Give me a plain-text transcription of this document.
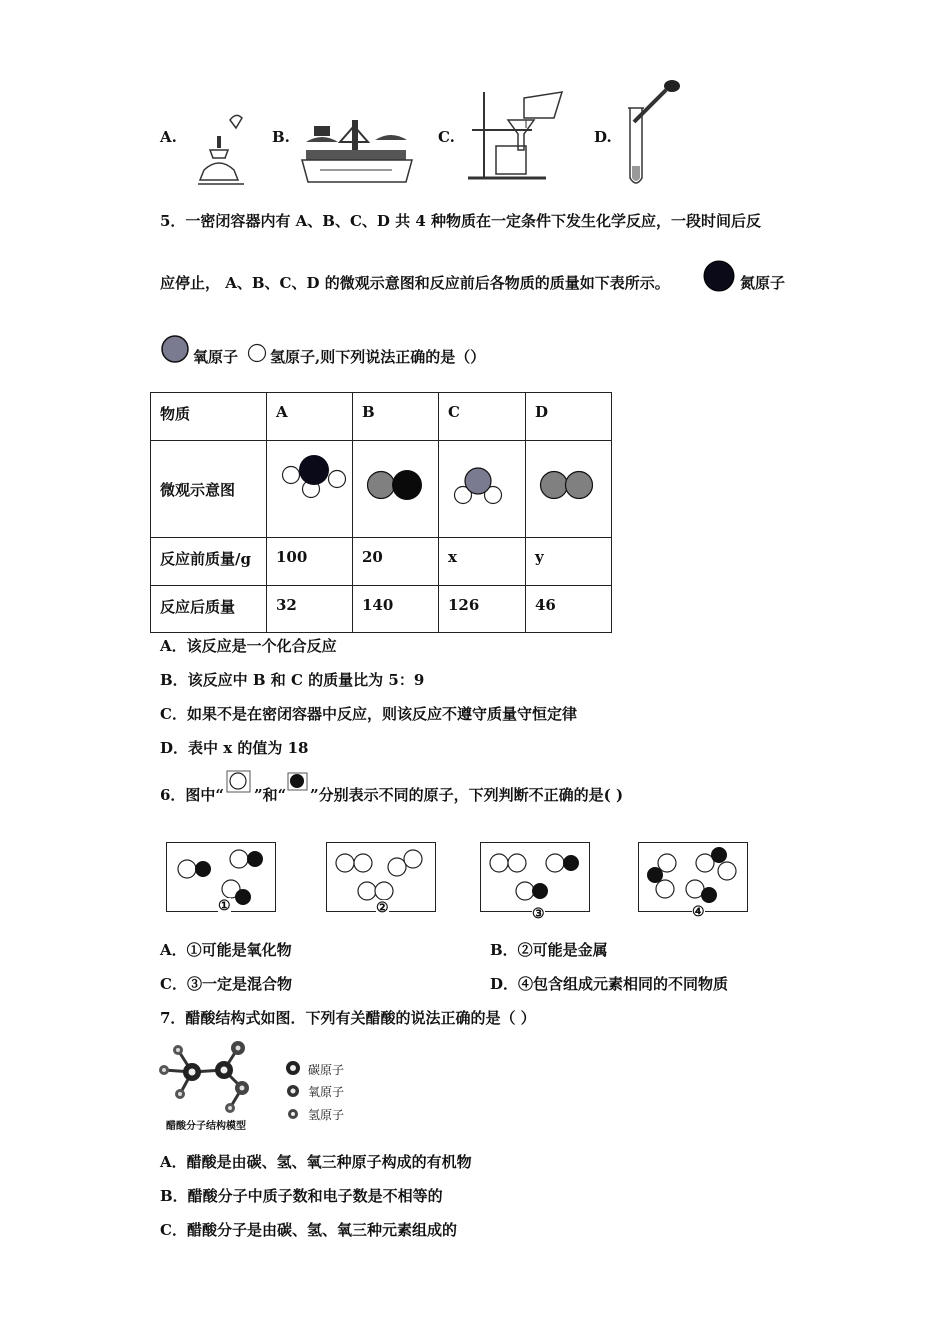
A.	B.	C.	D.
5．一密闭容器内有 A、B、C、D 共 4 种物质在一定条件下发生化学反应，一段时间后反
应停止， A、B、C、D 的微观示意图和反应前后各物质的质量如下表所示。	氮原子
氧原子 氢原子,则下列说法正确的是（）
物质	A	B	C	D
微观示意图	

反应前质量/g	100	20	x	y
反应后质量	32	140	126	46
A．该反应是一个化合反应
B．该反应中 B 和 C 的质量比为 5：9
C．如果不是在密闭容器中反应，则该反应不遵守质量守恒定律
D．表中 x 的值为 18
6．图中“ ”和“ ”分别表示不同的原子，下列判断不正确的是( )
①	②	③	④
A．①可能是氧化物	B．②可能是金属
C．③一定是混合物	D．④包含组成元素相同的不同物质
7．醋酸结构式如图．下列有关醋酸的说法正确的是（ ）
醋酸分子结构模型
碳原子
氧原子
氢原子
A．醋酸是由碳、氢、氧三种原子构成的有机物
B．醋酸分子中质子数和电子数是不相等的
C．醋酸分子是由碳、氢、氧三种元素组成的
